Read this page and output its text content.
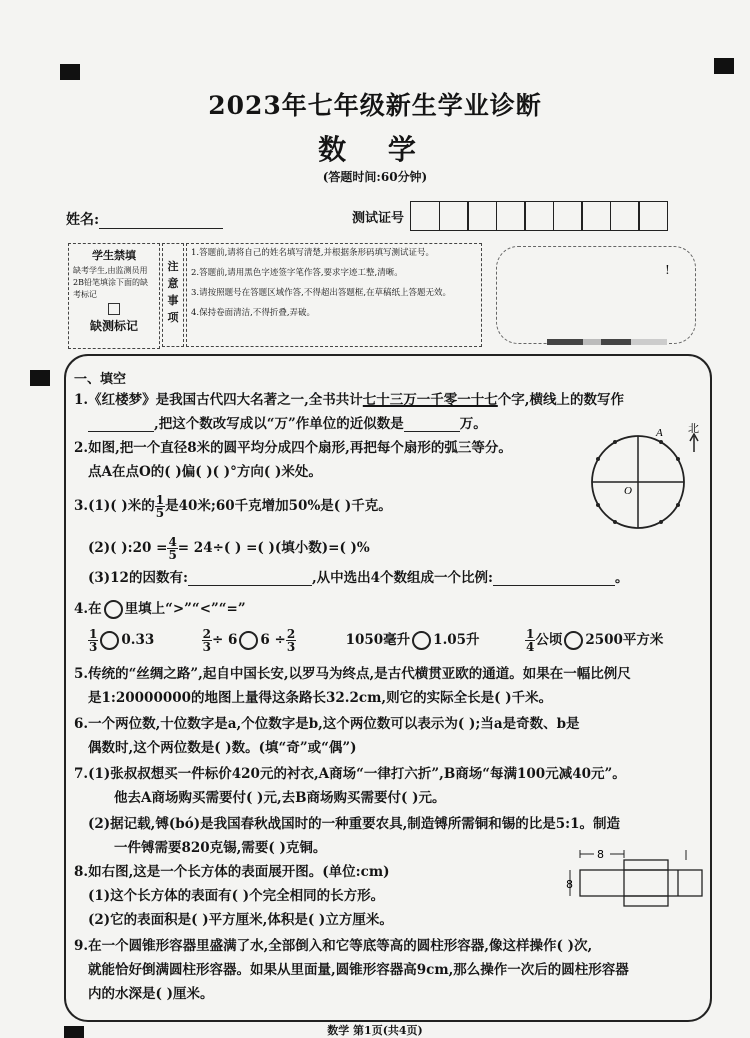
2023年七年级新生学业诊断
数 学
(答题时间:60分钟)
姓名:	测试证号
学生禁填
缺考学生,由监测员用2B铅笔填涂下面的缺考标记
缺测标记
注意事项
1.答题前,请将自己的姓名填写清楚,并根据条形码填写测试证号。
2.答题前,请用黑色字迹签字笔作答,要求字迹工整,清晰。
3.请按照题号在答题区域作答,不得超出答题框,在草稿纸上答题无效。
4.保持卷面清洁,不得折叠,弄破。
!
一、填空
1.《红楼梦》是我国古代四大名著之一,全书共计七十三万一千零一十七个字,横线上的数写作
,把这个数改写成以“万”作单位的近似数是	万。
2.如图,把一个直径8米的圆平均分成四个扇形,再把每个扇形的弧三等分。
点A在点O的( )偏( )( )°方向( )米处。
A
O
北
3.(1)( )米的 $\frac{1}{5}$ 是40米;60千克增加50%是( )千克。
(2)( ):20 = $\frac{4}{5} = 24\div$( ) =( )(填小数)=( )%
(3)12的因数有:	,从中选出4个数组成一个比例:	。
4.在 里填上“>”“<”“=”
$\frac{1}{3} 0.33$	$\frac{2}{3} \div 6$ $6 \div \frac{2}{3}$	1050毫升 1.05升	$\frac{1}{4}$ 公顷 2500平方米
5.传统的“丝绸之路”,起自中国长安,以罗马为终点,是古代横贯亚欧的通道。如果在一幅比例尺
是1:20000000的地图上量得这条路长32.2cm,则它的实际全长是( )千米。
6.一个两位数,十位数字是a,个位数字是b,这个两位数可以表示为( );当a是奇数、b是
偶数时,这个两位数是( )数。(填“奇”或“偶”)
7.(1)张叔叔想买一件标价420元的衬衣,A商场“一律打六折”,B商场“每满100元减40元”。
他去A商场购买需要付( )元,去B商场购买需要付( )元。
(2)据记载,镈(bó)是我国春秋战国时的一种重要农具,制造镈所需铜和锡的比是5:1。制造
一件镈需要820克锡,需要( )克铜。
8.如右图,这是一个长方体的表面展开图。(单位:cm)
(1)这个长方体的表面有( )个完全相同的长方形。
(2)它的表面积是( )平方厘米,体积是( )立方厘米。
8
8
9.在一个圆锥形容器里盛满了水,全部倒入和它等底等高的圆柱形容器,像这样操作( )次,
就能恰好倒满圆柱形容器。如果从里面量,圆锥形容器高9cm,那么操作一次后的圆柱形容器
内的水深是( )厘米。
数学 第1页(共4页)
